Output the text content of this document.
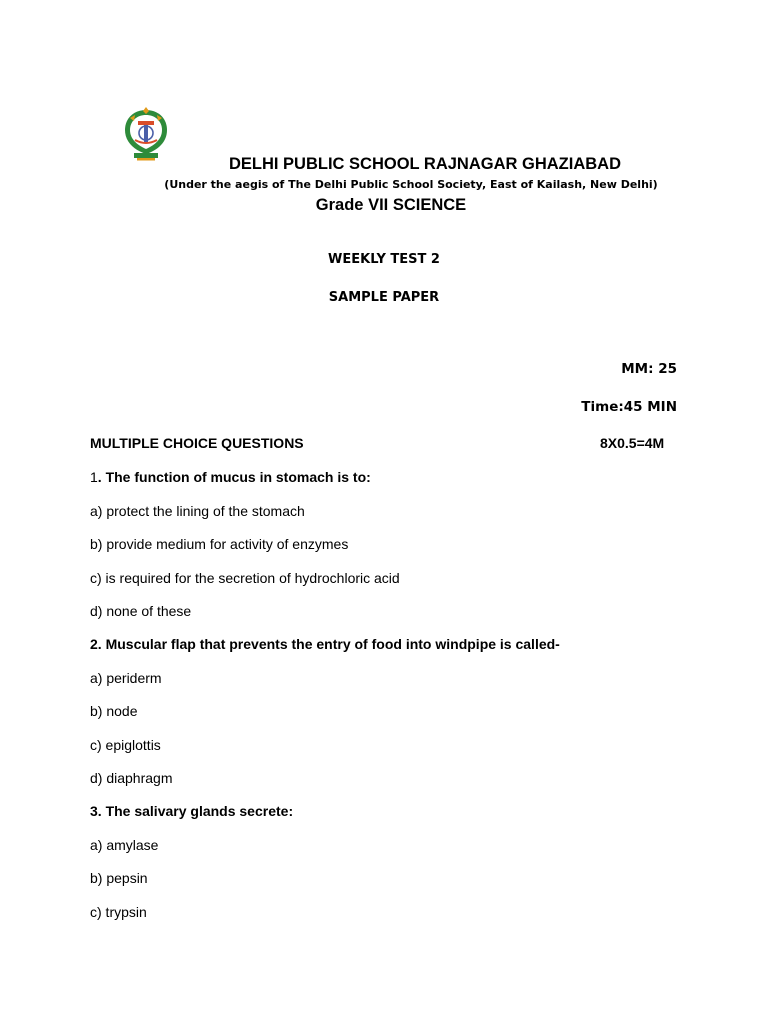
DELHI PUBLIC SCHOOL RAJNAGAR GHAZIABAD
(Under the aegis of The Delhi Public School Society, East of Kailash, New Delhi)
Grade VII SCIENCE
WEEKLY TEST 2
SAMPLE PAPER
MM: 25
Time:45 MIN
MULTIPLE CHOICE QUESTIONS	8X0.5=4M
1. The function of mucus in stomach is to:
a) protect the lining of the stomach
b) provide medium for activity of enzymes
c) is required for the secretion of hydrochloric acid
d) none of these
2. Muscular flap that prevents the entry of food into windpipe is called-
a) periderm
b) node
c) epiglottis
d) diaphragm
3. The salivary glands secrete:
a) amylase
b) pepsin
c) trypsin
